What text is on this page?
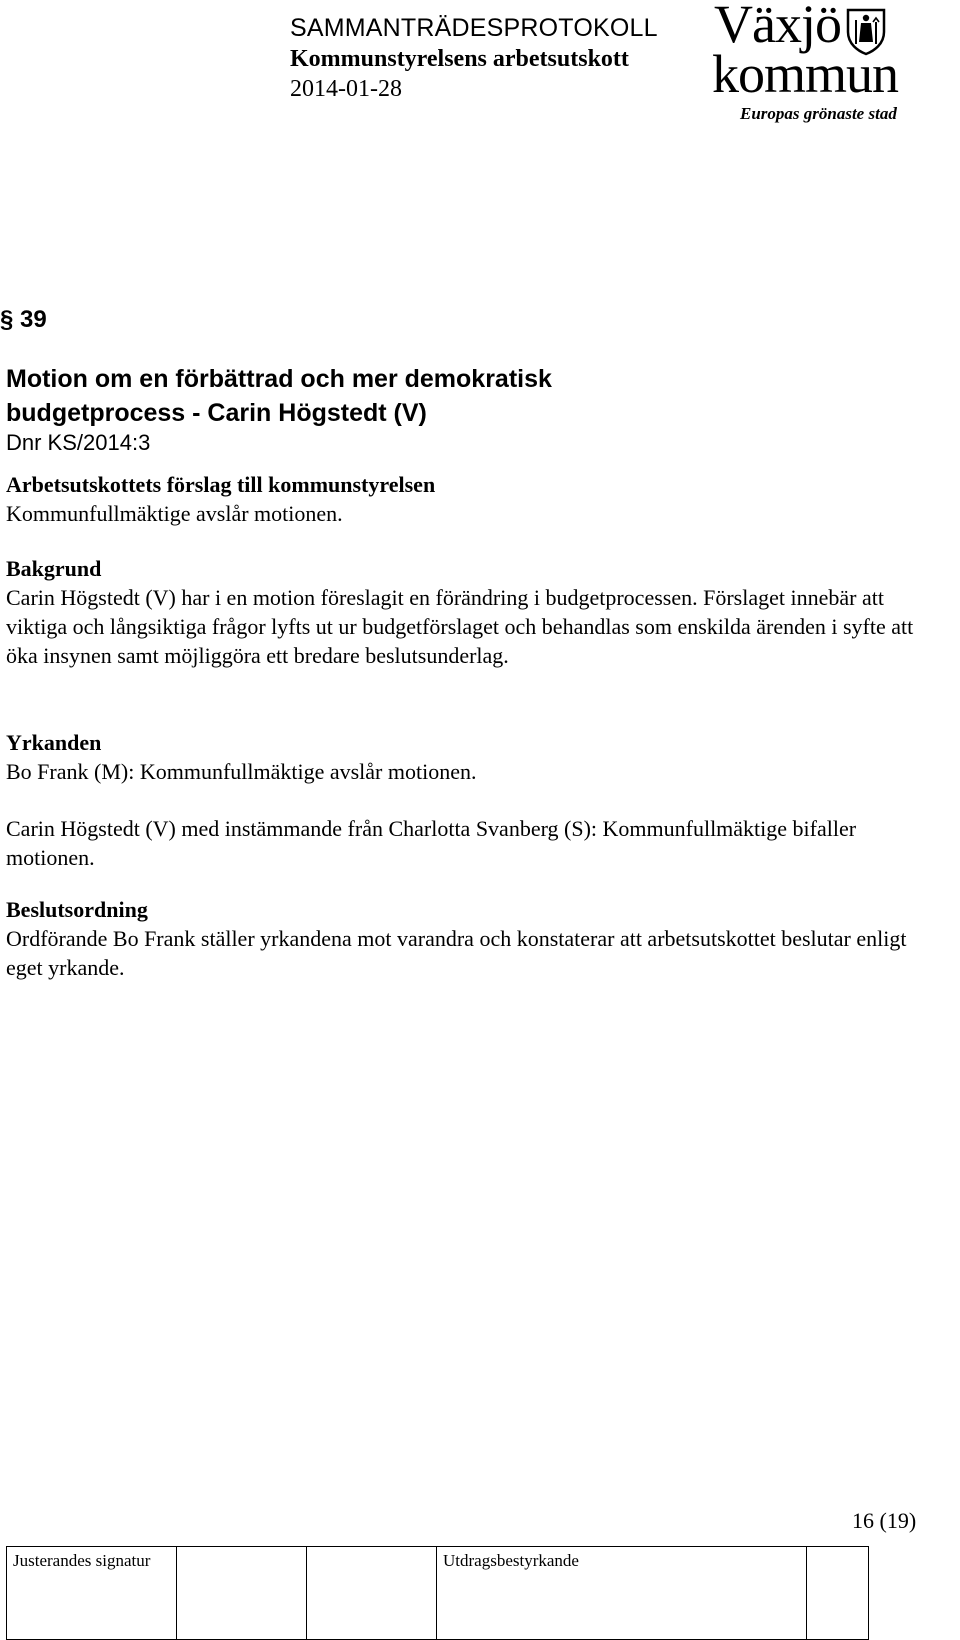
SAMMANTRÄDESPROTOKOLL
Kommunstyrelsens arbetsutskott
2014-01-28
Växjö
kommun
Europas grönaste stad
§ 39
Motion om en förbättrad och mer demokratisk budgetprocess - Carin Högstedt (V)
Dnr KS/2014:3
Arbetsutskottets förslag till kommunstyrelsen

Kommunfullmäktige avslår motionen.

Bakgrund

Carin Högstedt (V) har i en motion föreslagit en förändring i budgetprocessen. Förslaget innebär att viktiga och långsiktiga frågor lyfts ut ur budgetförslaget och behandlas som enskilda ärenden i syfte att öka insynen samt möjliggöra ett bredare beslutsunderlag.

Yrkanden

Bo Frank (M): Kommunfullmäktige avslår motionen.

Carin Högstedt (V) med instämmande från Charlotta Svanberg (S): Kommunfullmäktige bifaller motionen.

Beslutsordning

Ordförande Bo Frank ställer yrkandena mot varandra och konstaterar att arbetsutskottet beslutar enligt eget yrkande.

16 (19)
Justerandes signatur			Utdragsbestyrkande	
